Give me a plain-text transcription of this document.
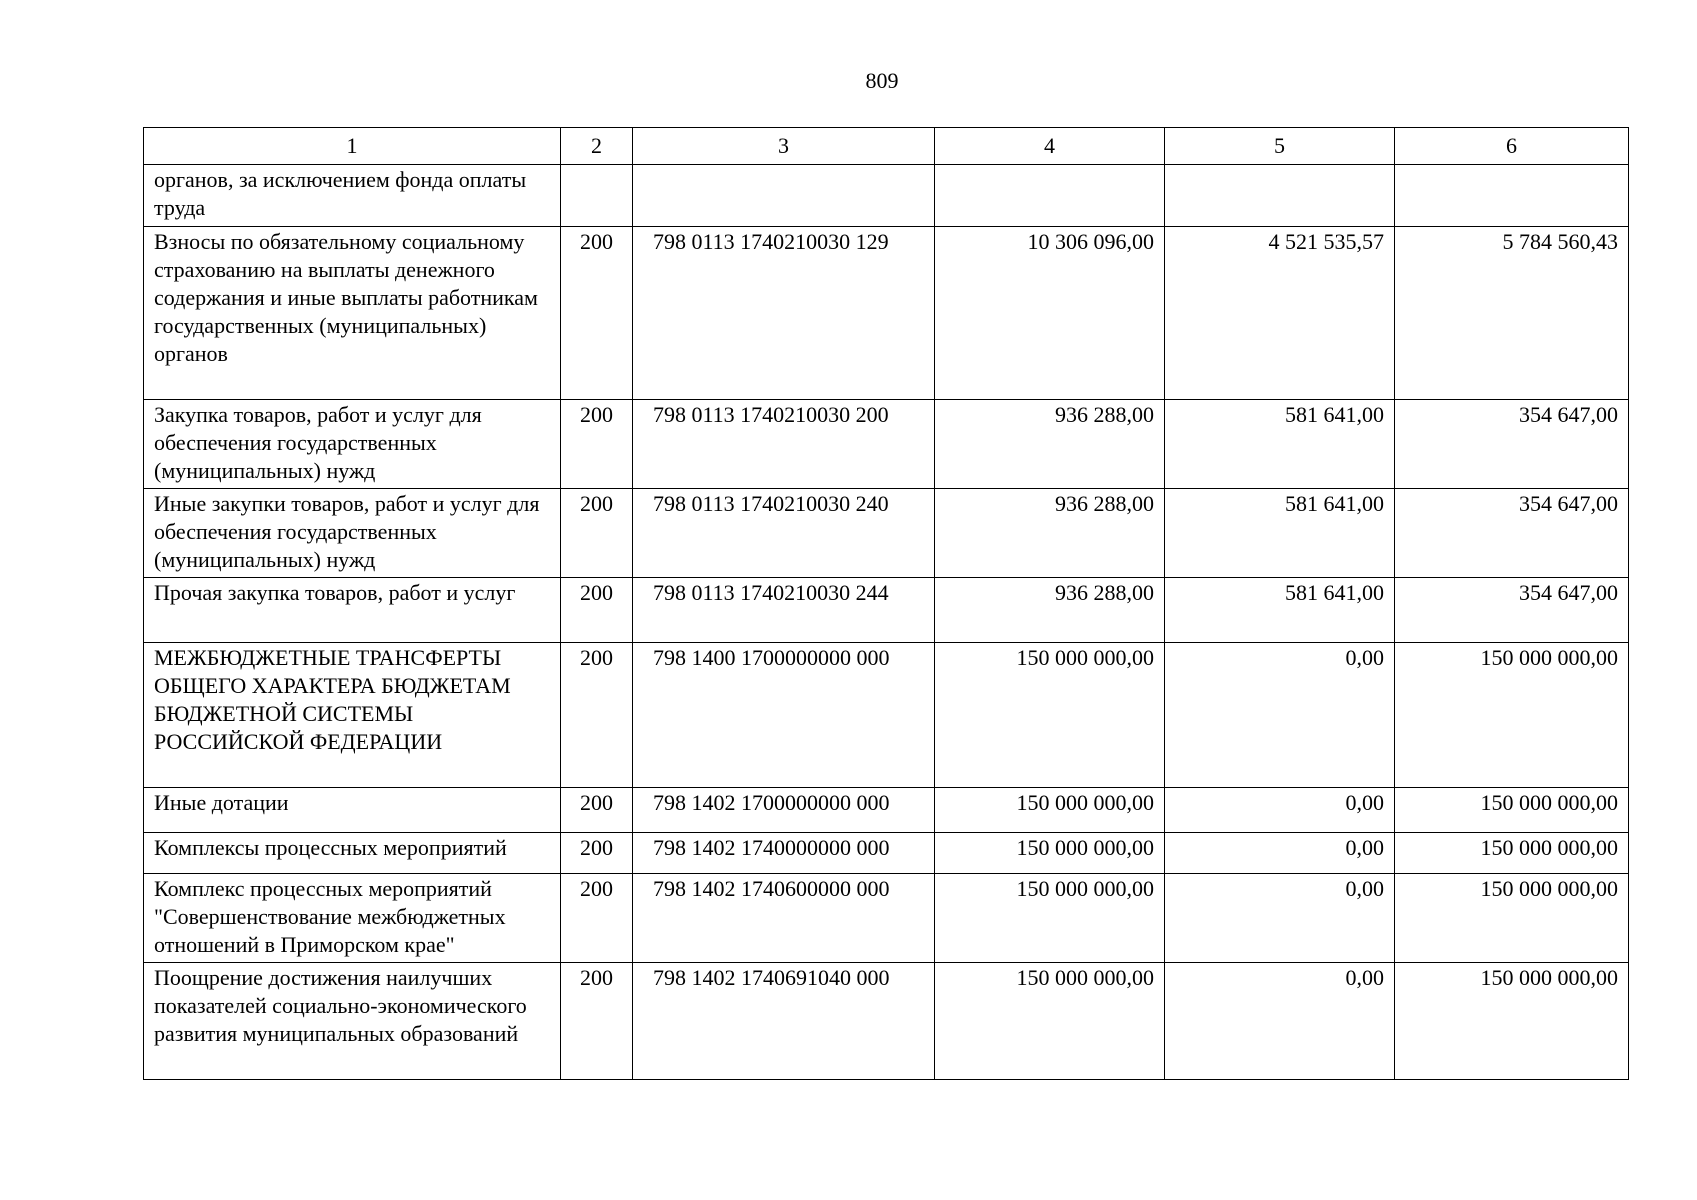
809
1	2	3	4	5	6
органов, за исключением фонда оплаты труда					
Взносы по обязательному социальному страхованию на выплаты денежного содержания и иные выплаты работникам государственных (муниципальных) органов	200	798 0113 1740210030 129	10 306 096,00	4 521 535,57	5 784 560,43
Закупка товаров, работ и услуг для обеспечения государственных (муниципальных) нужд	200	798 0113 1740210030 200	936 288,00	581 641,00	354 647,00
Иные закупки товаров, работ и услуг для обеспечения государственных (муниципальных) нужд	200	798 0113 1740210030 240	936 288,00	581 641,00	354 647,00
Прочая закупка товаров, работ и услуг	200	798 0113 1740210030 244	936 288,00	581 641,00	354 647,00
МЕЖБЮДЖЕТНЫЕ ТРАНСФЕРТЫ ОБЩЕГО ХАРАКТЕРА БЮДЖЕТАМ БЮДЖЕТНОЙ СИСТЕМЫ РОССИЙСКОЙ ФЕДЕРАЦИИ	200	798 1400 1700000000 000	150 000 000,00	0,00	150 000 000,00
Иные дотации	200	798 1402 1700000000 000	150 000 000,00	0,00	150 000 000,00
Комплексы процессных мероприятий	200	798 1402 1740000000 000	150 000 000,00	0,00	150 000 000,00
Комплекс процессных мероприятий "Совершенствование межбюджетных отношений в Приморском крае"	200	798 1402 1740600000 000	150 000 000,00	0,00	150 000 000,00
Поощрение достижения наилучших показателей социально-экономического развития муниципальных образований	200	798 1402 1740691040 000	150 000 000,00	0,00	150 000 000,00
